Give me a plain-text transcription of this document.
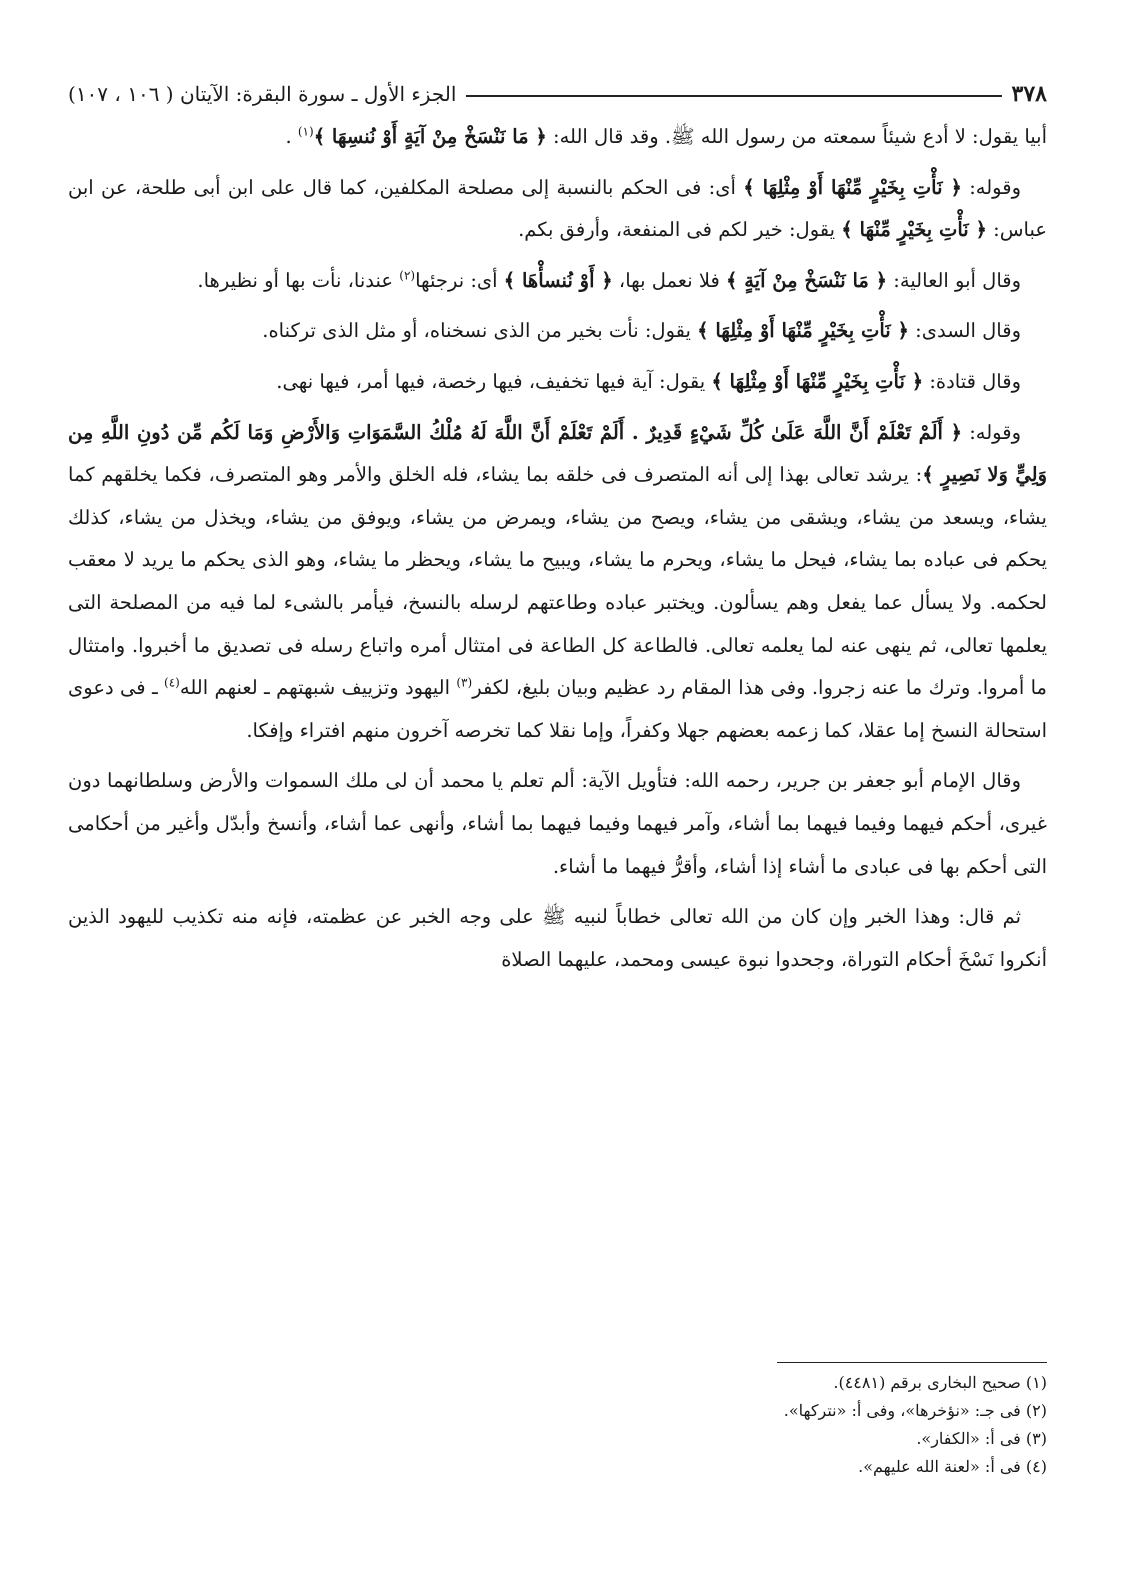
٣٧٨
الجزء الأول ـ سورة البقرة: الآيتان ( ١٠٦ ، ١٠٧)

أبيا يقول: لا أدع شيئاً سمعته من رسول الله ﷺ. وقد قال الله: ﴿ مَا نَنْسَخْ مِنْ آيَةٍ أَوْ نُنسِهَا ﴾$^{(١)}$ .

وقوله: ﴿ نَأْتِ بِخَيْرٍ مِّنْهَا أَوْ مِثْلِهَا ﴾ أى: فى الحكم بالنسبة إلى مصلحة المكلفين، كما قال على ابن أبى طلحة، عن ابن عباس: ﴿ نَأْتِ بِخَيْرٍ مِّنْهَا ﴾ يقول: خير لكم فى المنفعة، وأرفق بكم.

وقال أبو العالية: ﴿ مَا نَنْسَخْ مِنْ آيَةٍ ﴾ فلا نعمل بها، ﴿ أَوْ نُنسأْهَا ﴾ أى: نرجئها$^{(٢)}$ عندنا، نأت بها أو نظيرها.

وقال السدى: ﴿ نَأْتِ بِخَيْرٍ مِّنْهَا أَوْ مِثْلِهَا ﴾ يقول: نأت بخير من الذى نسخناه، أو مثل الذى تركناه.

وقال قتادة: ﴿ نَأْتِ بِخَيْرٍ مِّنْهَا أَوْ مِثْلِهَا ﴾ يقول: آية فيها تخفيف، فيها رخصة، فيها أمر، فيها نهى.

وقوله: ﴿ أَلَمْ تَعْلَمْ أَنَّ اللَّهَ عَلَىٰ كُلِّ شَيْءٍ قَدِيرٌ . أَلَمْ تَعْلَمْ أَنَّ اللَّهَ لَهُ مُلْكُ السَّمَوَاتِ وَالأَرْضِ وَمَا لَكُم مِّن دُونِ اللَّهِ مِن وَلِيٍّ وَلا نَصِيرٍ ﴾: يرشد تعالى بهذا إلى أنه المتصرف فى خلقه بما يشاء، فله الخلق والأمر وهو المتصرف، فكما يخلقهم كما يشاء، ويسعد من يشاء، ويشقى من يشاء، ويصح من يشاء، ويمرض من يشاء، ويوفق من يشاء، ويخذل من يشاء، كذلك يحكم فى عباده بما يشاء، فيحل ما يشاء، ويحرم ما يشاء، ويبيح ما يشاء، ويحظر ما يشاء، وهو الذى يحكم ما يريد لا معقب لحكمه. ولا يسأل عما يفعل وهم يسألون. ويختبر عباده وطاعتهم لرسله بالنسخ، فيأمر بالشىء لما فيه من المصلحة التى يعلمها تعالى، ثم ينهى عنه لما يعلمه تعالى. فالطاعة كل الطاعة فى امتثال أمره واتباع رسله فى تصديق ما أخبروا. وامتثال ما أمروا. وترك ما عنه زجروا. وفى هذا المقام رد عظيم وبيان بليغ، لكفر$^{(٣)}$ اليهود وتزييف شبهتهم ـ لعنهم الله$^{(٤)}$ ـ فى دعوى استحالة النسخ إما عقلا، كما زعمه بعضهم جهلا وكفراً، وإما نقلا كما تخرصه آخرون منهم افتراء وإفكا.

وقال الإمام أبو جعفر بن جرير، رحمه الله: فتأويل الآية: ألم تعلم يا محمد أن لى ملك السموات والأرض وسلطانهما دون غيرى، أحكم فيهما وفيما فيهما بما أشاء، وآمر فيهما وفيما فيهما بما أشاء، وأنهى عما أشاء، وأنسخ وأبدّل وأغير من أحكامى التى أحكم بها فى عبادى ما أشاء إذا أشاء، وأقرُّ فيهما ما أشاء.

ثم قال: وهذا الخبر وإن كان من الله تعالى خطاباً لنبيه ﷺ على وجه الخبر عن عظمته، فإنه منه تكذيب لليهود الذين أنكروا نَسْخَ أحكام التوراة، وجحدوا نبوة عيسى ومحمد، عليهما الصلاة

(١) صحيح البخارى برقم (٤٤٨١).

(٢) فى جـ: «نؤخرها»، وفى أ: «نتركها».

(٣) فى أ: «الكفار».

(٤) فى أ: «لعنة الله عليهم».
